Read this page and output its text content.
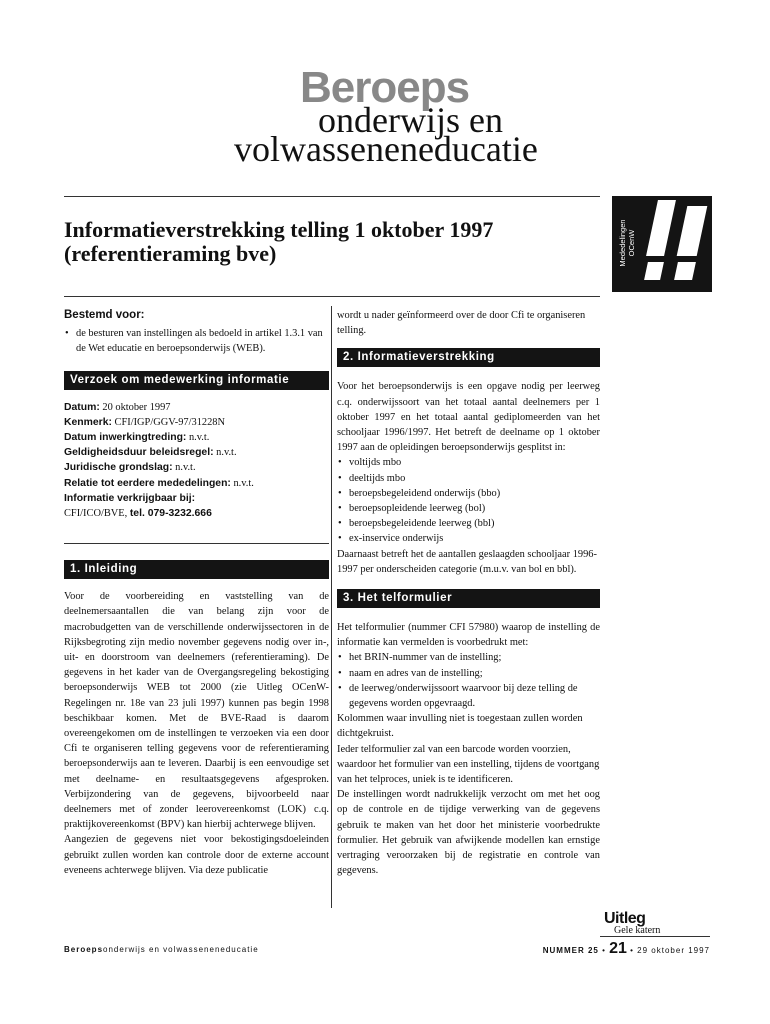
Beroeps
onderwijs en
volwasseneneducatie
Informatieverstrekking telling 1 oktober 1997
(referentieraming bve)	Mededelingen OCenW
Bestemd voor:

• de besturen van instellingen als bedoeld in artikel 1.3.1 van de Wet educatie en beroepsonderwijs (WEB).

Verzoek om medewerking informatie

Datum: 20 oktober 1997

Kenmerk: CFI/IGP/GGV-97/31228N

Datum inwerkingtreding: n.v.t.

Geldigheidsduur beleidsregel: n.v.t.

Juridische grondslag: n.v.t.

Relatie tot eerdere mededelingen: n.v.t.

Informatie verkrijgbaar bij:

CFI/ICO/BVE, tel. 079-3232.666

1. Inleiding

Voor de voorbereiding en vaststelling van de deelnemersaantallen die van belang zijn voor de macrobudgetten van de verschillende onderwijssectoren in de Rijksbegroting zijn medio november gegevens nodig over in-, uit- en doorstroom van deelnemers (referentieraming). De gegevens in het kader van de Overgangsregeling bekostiging beroepsonderwijs WEB tot 2000 (zie Uitleg OCenW-Regelingen nr. 18e van 23 juli 1997) kunnen pas begin 1998 beschikbaar komen. Met de BVE-Raad is daarom overeengekomen om de instellingen te verzoeken via een door Cfi te organiseren telling gegevens voor de referentieraming beroepsonderwijs aan te leveren. Daarbij is een eenvoudige set met deelname- en resultaatsgegevens afgesproken. Verbijzondering van de gegevens, bijvoorbeeld naar deelnemers met of zonder leerovereenkomst (LOK) c.q. praktijkovereenkomst (BPV) kan hierbij achterwege blijven.

Aangezien de gegevens niet voor bekostigingsdoeleinden gebruikt zullen worden kan controle door de externe account eveneens achterwege blijven. Via deze publicatie

wordt u nader geïnformeerd over de door Cfi te organiseren telling.

2. Informatieverstrekking

Voor het beroepsonderwijs is een opgave nodig per leerweg c.q. onderwijssoort van het totaal aantal deelnemers per 1 oktober 1997 en het totaal aantal gediplomeerden van het schooljaar 1996/1997. Het betreft de deelname op 1 oktober 1997 aan de opleidingen beroepsonderwijs gesplitst in:

• voltijds mbo

• deeltijds mbo

• beroepsbegeleidend onderwijs (bbo)

• beroepsopleidende leerweg (bol)

• beroepsbegeleidende leerweg (bbl)

• ex-inservice onderwijs

Daarnaast betreft het de aantallen geslaagden schooljaar 1996-1997 per onderscheiden categorie (m.u.v. van bol en bbl).

3. Het telformulier

Het telformulier (nummer CFI 57980) waarop de instelling de informatie kan vermelden is voorbedrukt met:

• het BRIN-nummer van de instelling;

• naam en adres van de instelling;

• de leerweg/onderwijssoort waarvoor bij deze telling de gegevens worden opgevraagd.

Kolommen waar invulling niet is toegestaan zullen worden dichtgekruist.

Ieder telformulier zal van een barcode worden voorzien, waardoor het formulier van een instelling, tijdens de voortgang van het telproces, uniek is te identificeren.

De instellingen wordt nadrukkelijk verzocht om met het oog op de controle en de tijdige verwerking van de gegevens gebruik te maken van het door het ministerie voorbedrukte formulier. Het gebruik van afwijkende modellen kan ernstige vertraging veroorzaken bij de registratie en controle van gegevens.

Uitleg
Gele katern
Beroepsonderwijs en volwasseneneducatie	NUMMER 25 • 21 • 29 oktober 1997
